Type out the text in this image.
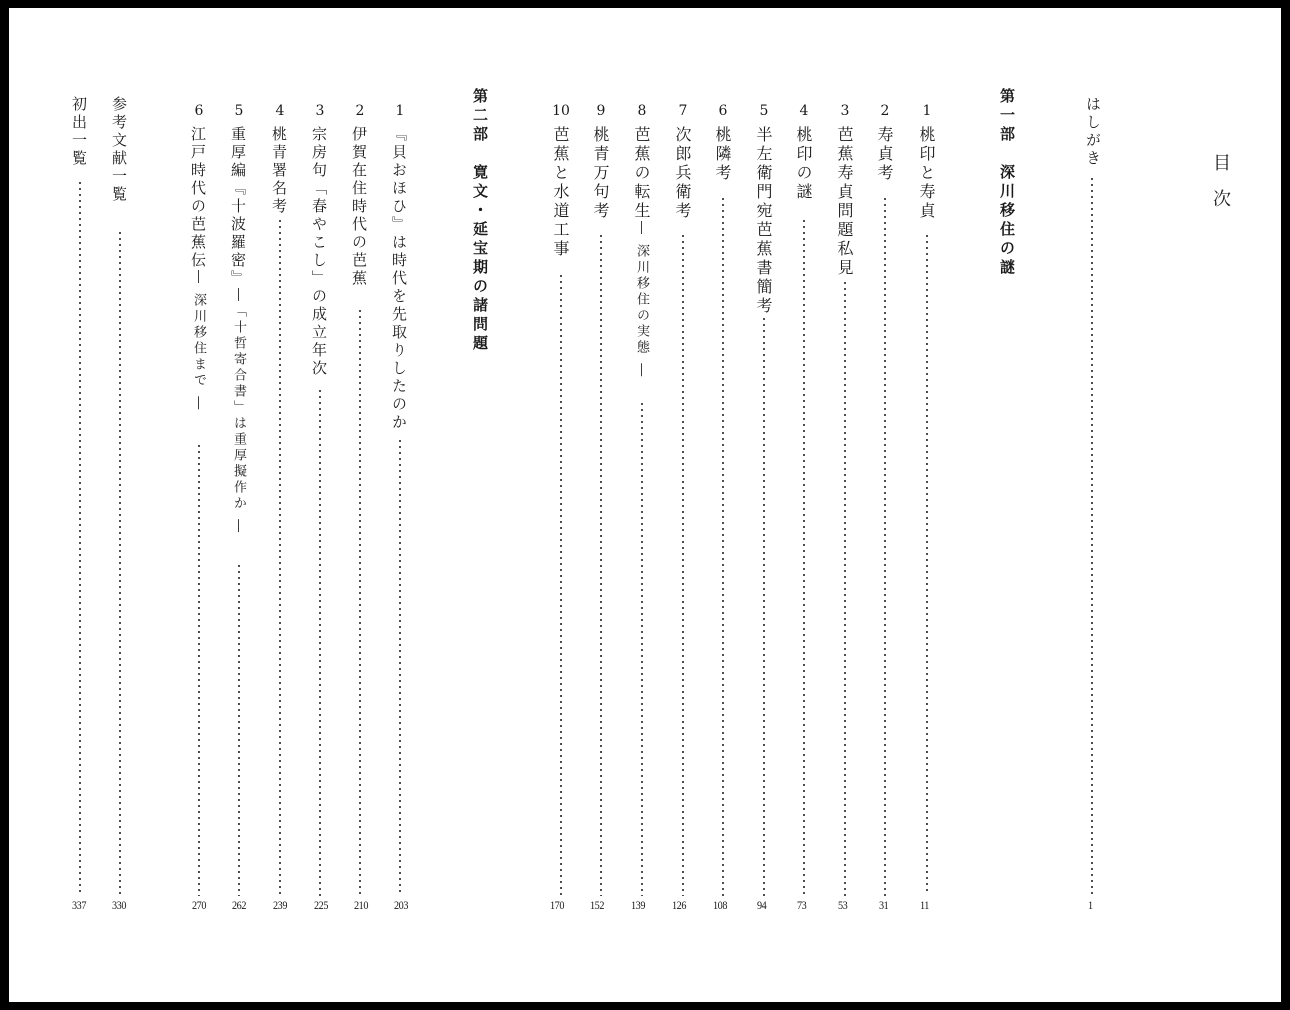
目次
はしがき
1
第一部　深川移住の謎
1
桃印と寿貞
11
2
寿貞考
31
3
芭蕉寿貞問題私見
53
4
桃印の謎
73
5
半左衛門宛芭蕉書簡考
94
6
桃隣考
108
7
次郎兵衛考
126
8
芭蕉の転生― 深川移住の実態 ―
139
9
桃青万句考
152
10
芭蕉と水道工事
170
第二部　寛文・延宝期の諸問題
1
『貝おほひ』は時代を先取りしたのか
203
2
伊賀在住時代の芭蕉
210
3
宗房句「春やこし」の成立年次
225
4
桃青署名考
239
5
重厚編『十波羅密』―「十哲寄合書」は重厚擬作か ―
262
6
江戸時代の芭蕉伝― 深川移住まで ―
270
参考文献一覧
330
初出一覧
337
